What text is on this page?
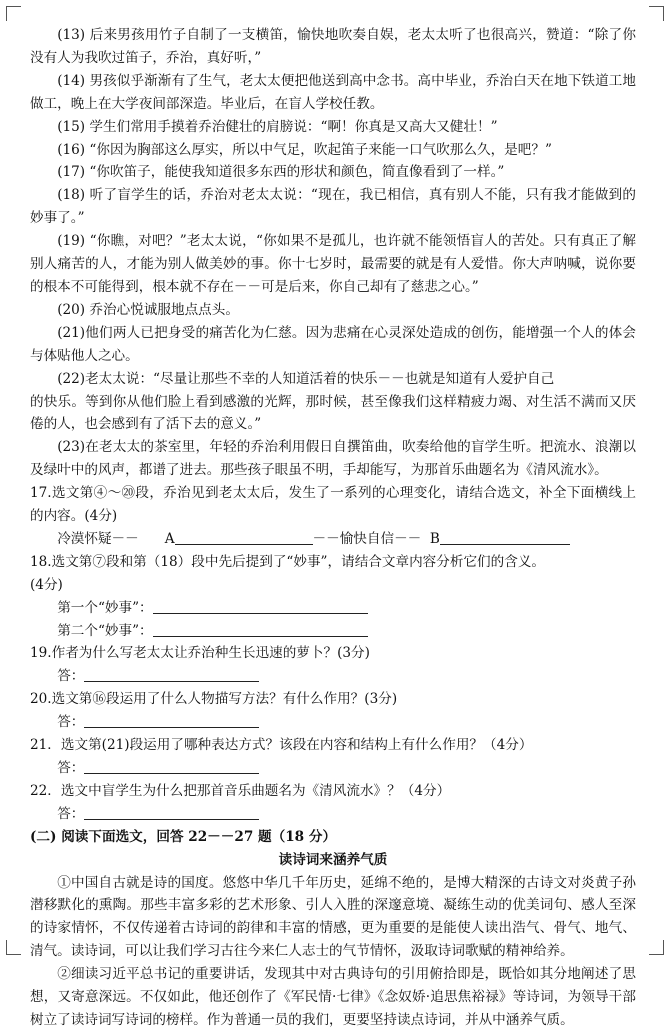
(13) 后来男孩用竹子自制了一支横笛，愉快地吹奏自娱，老太太听了也很高兴，赞道：“除了你没有人为我吹过笛子，乔治，真好听，”

(14) 男孩似乎渐渐有了生气，老太太便把他送到高中念书。高中毕业，乔治白天在地下铁道工地做工，晚上在大学夜间部深造。毕业后，在盲人学校任教。

(15) 学生们常用手摸着乔治健壮的肩膀说：“啊！你真是又高大又健壮！”

(16) “你因为胸部这么厚实，所以中气足，吹起笛子来能一口气吹那么久，是吧？”

(17) “你吹笛子，能使我知道很多东西的形状和颜色，简直像看到了一样。”

(18) 听了盲学生的话，乔治对老太太说：“现在，我已相信，真有别人不能，只有我才能做到的妙事了。”

(19) “你瞧，对吧？”老太太说，“你如果不是孤儿，也许就不能领悟盲人的苦处。只有真正了解别人痛苦的人，才能为别人做美妙的事。你十七岁时，最需要的就是有人爱惜。你大声呐喊，说你要的根本不可能得到，根本就不存在－－可是后来，你自己却有了慈悲之心。”

(20) 乔治心悦诚服地点点头。

(21)他们两人已把身受的痛苦化为仁慈。因为悲痛在心灵深处造成的创伤，能增强一个人的体会与体贴他人之心。

(22)老太太说：“尽量让那些不幸的人知道活着的快乐－－也就是知道有人爱护自己

的快乐。等到你从他们脸上看到感激的光辉，那时候，甚至像我们这样精疲力竭、对生活不满而又厌倦的人，也会感到有了活下去的意义。”

(23)在老太太的茶室里，年轻的乔治利用假日自撰笛曲，吹奏给他的盲学生听。把流水、浪潮以及绿叶中的风声，都谱了进去。那些孩子眼虽不明，手却能写，为那首乐曲题名为《清风流水》。

17.选文第④～⑳段，乔治见到老太太后，发生了一系列的心理变化，请结合选文，补全下面横线上的内容。(4分)

冷漠怀疑－－ A	－－愉快自信－－ B

18.选文第⑦段和第（18）段中先后提到了“妙事”，请结合文章内容分析它们的含义。

(4分)

第一个“妙事”：

第二个“妙事”：

19.作者为什么写老太太让乔治种生长迅速的萝卜？(3分)

答：

20.选文第⑯段运用了什么人物描写方法？有什么作用？(3分)

答：

21．选文第(21)段运用了哪种表达方式？该段在内容和结构上有什么作用？（4分）

答：

22．选文中盲学生为什么把那首音乐曲题名为《清风流水》？（4分）

答：

(二) 阅读下面选文，回答 22－－27 题（18 分）

读诗词来涵养气质

①中国自古就是诗的国度。悠悠中华几千年历史，延绵不绝的，是博大精深的古诗文对炎黄子孙潜移默化的熏陶。那些丰富多彩的艺术形象、引人入胜的深邃意境、凝练生动的优美词句、感人至深的诗家情怀，不仅传递着古诗词的韵律和丰富的情感，更为重要的是能使人读出浩气、骨气、地气、清气。读诗词，可以让我们学习古往今来仁人志士的气节情怀，汲取诗词歌赋的精神给养。

②细读习近平总书记的重要讲话，发现其中对古典诗句的引用俯拾即是，既恰如其分地阐述了思想，又寄意深远。不仅如此，他还创作了《军民情·七律》《念奴娇·追思焦裕禄》等诗词，为领导干部树立了读诗词写诗词的榜样。作为普通一员的我们，更要坚持读点诗词，并从中涵养气质。
